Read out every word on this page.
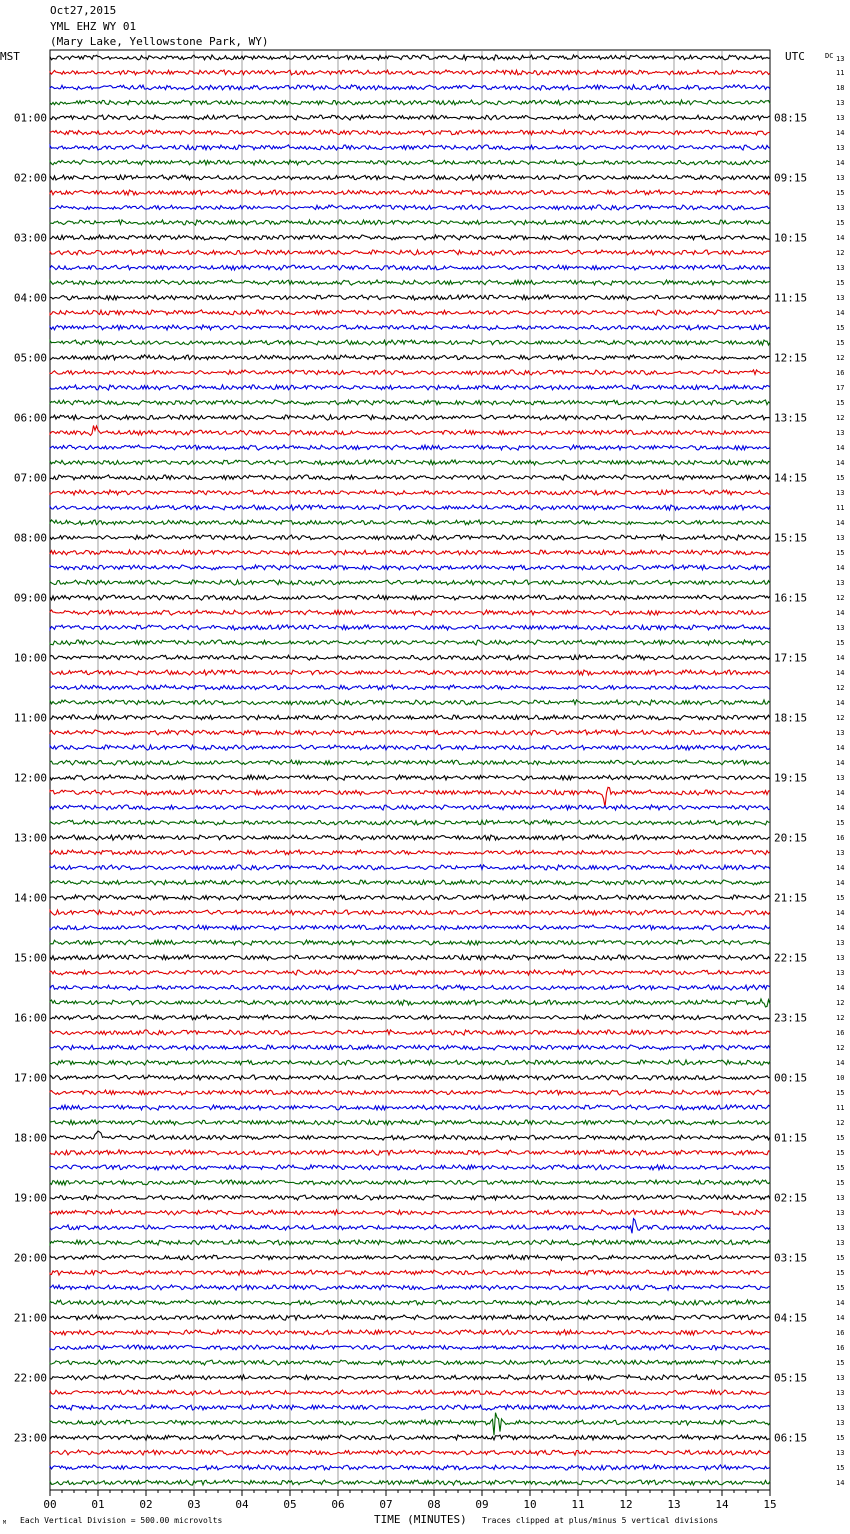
Oct27,2015
YML EHZ WY 01
(Mary Lake, Yellowstone Park, WY)
MST	UTC	DC
01:00
02:00
03:00
04:00
05:00
06:00
07:00
08:00
09:00
10:00
11:00
12:00
13:00
14:00
15:00
16:00
17:00
18:00
19:00
20:00
21:00
22:00
23:00
08:15
09:15
10:15
11:15
12:15
13:15
14:15
15:15
16:15
17:15
18:15
19:15
20:15
21:15
22:15
23:15
00:15
01:15
02:15
03:15
04:15
05:15
06:15
13
11
18
13
13
14
13
14
13
15
13
15
14
12
13
15
13
14
15
15
12
16
17
15
12
13
14
14
15
13
11
14
13
15
14
13
12
14
13
15
14
14
12
14
12
13
14
14
13
14
14
15
16
13
14
14
15
14
14
13
13
13
14
12
12
16
12
14
10
15
11
12
15
15
15
15
13
13
13
13
15
15
15
14
14
16
16
15
13
13
13
13
15
13
15
14
00	01	02	03	04	05	06	07	08	09	10	11	12	13	14	15
M Each Vertical Division = 500.00 microvolts	TIME (MINUTES) Traces clipped at plus/minus 5 vertical divisions
